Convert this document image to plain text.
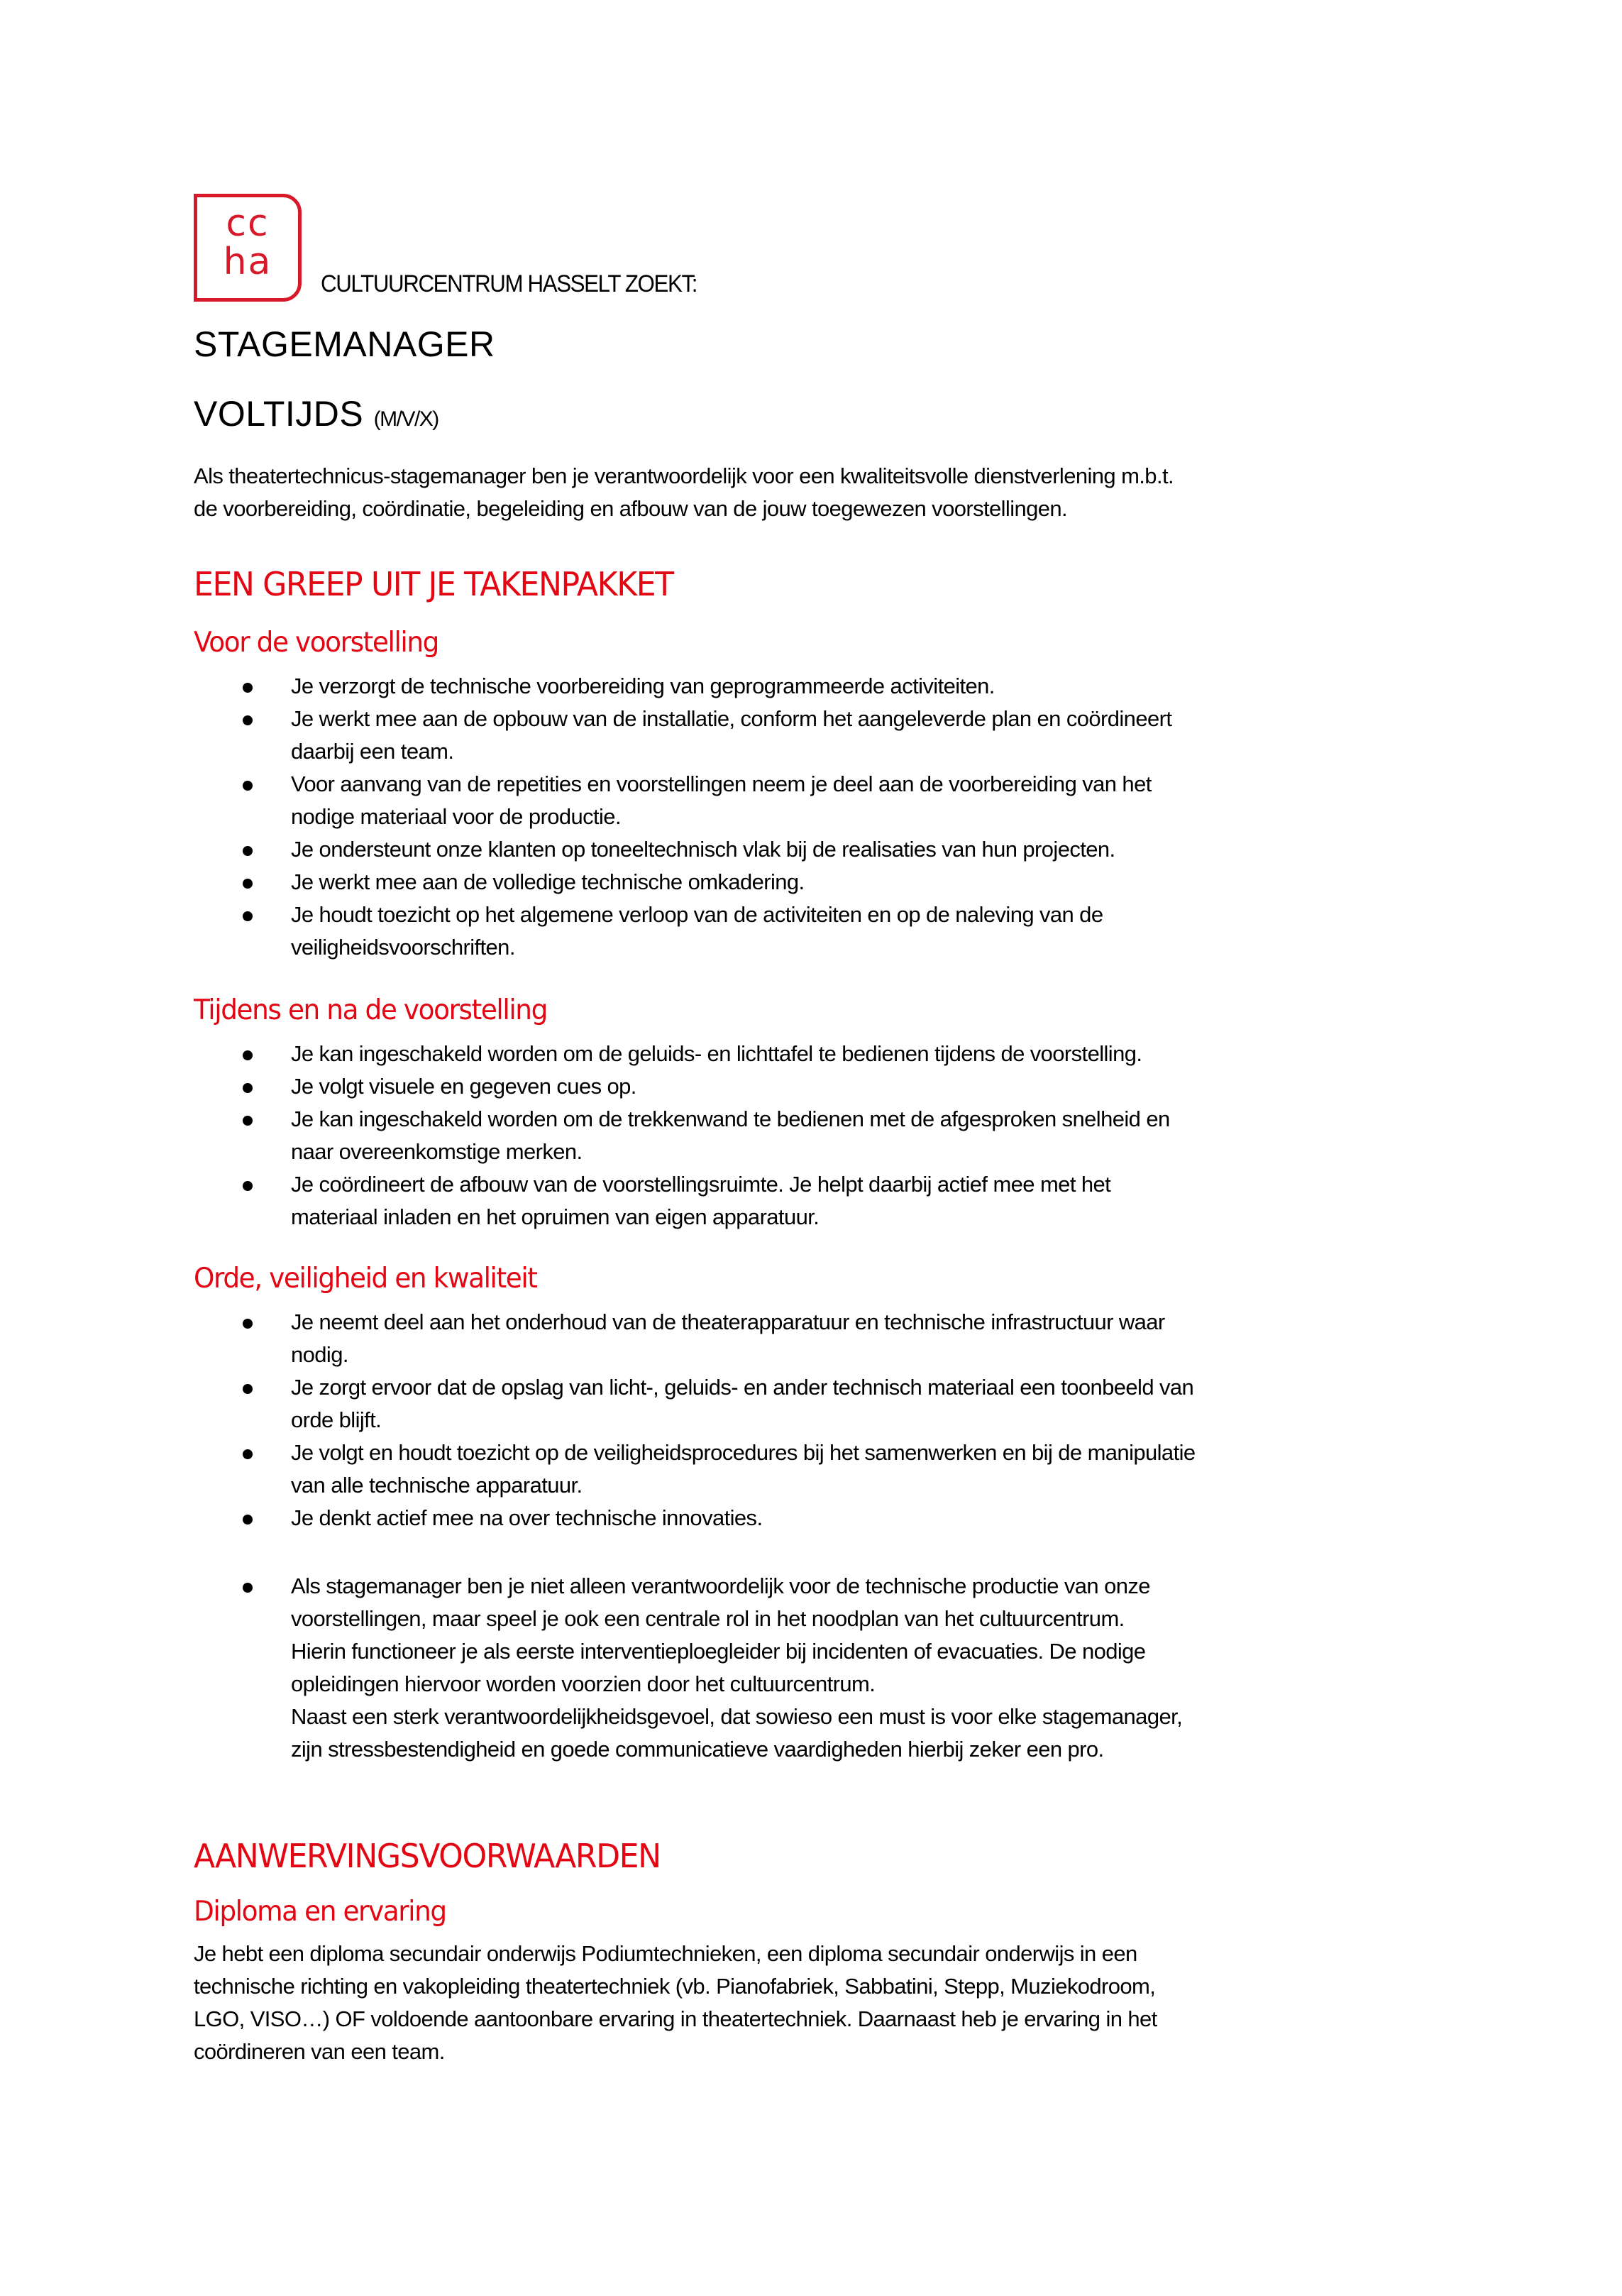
cc
ha
CULTUURCENTRUM HASSELT ZOEKT:
STAGEMANAGER
VOLTIJDS (M/V/X)
Als theatertechnicus-stagemanager ben je verantwoordelijk voor een kwaliteitsvolle dienstverlening m.b.t.
de voorbereiding, coördinatie, begeleiding en afbouw van de jouw toegewezen voorstellingen.
EEN GREEP UIT JE TAKENPAKKET
Voor de voorstelling
Je verzorgt de technische voorbereiding van geprogrammeerde activiteiten.
Je werkt mee aan de opbouw van de installatie, conform het aangeleverde plan en coördineert
daarbij een team.
Voor aanvang van de repetities en voorstellingen neem je deel aan de voorbereiding van het
nodige materiaal voor de productie.
Je ondersteunt onze klanten op toneeltechnisch vlak bij de realisaties van hun projecten.
Je werkt mee aan de volledige technische omkadering.
Je houdt toezicht op het algemene verloop van de activiteiten en op de naleving van de
veiligheidsvoorschriften.
Tijdens en na de voorstelling
Je kan ingeschakeld worden om de geluids- en lichttafel te bedienen tijdens de voorstelling.
Je volgt visuele en gegeven cues op.
Je kan ingeschakeld worden om de trekkenwand te bedienen met de afgesproken snelheid en
naar overeenkomstige merken.
Je coördineert de afbouw van de voorstellingsruimte. Je helpt daarbij actief mee met het
materiaal inladen en het opruimen van eigen apparatuur.
Orde, veiligheid en kwaliteit
Je neemt deel aan het onderhoud van de theaterapparatuur en technische infrastructuur waar
nodig.
Je zorgt ervoor dat de opslag van licht-, geluids- en ander technisch materiaal een toonbeeld van
orde blijft.
Je volgt en houdt toezicht op de veiligheidsprocedures bij het samenwerken en bij de manipulatie
van alle technische apparatuur.
Je denkt actief mee na over technische innovaties.
Als stagemanager ben je niet alleen verantwoordelijk voor de technische productie van onze
voorstellingen, maar speel je ook een centrale rol in het noodplan van het cultuurcentrum.
Hierin functioneer je als eerste interventieploegleider bij incidenten of evacuaties. De nodige
opleidingen hiervoor worden voorzien door het cultuurcentrum.
Naast een sterk verantwoordelijkheidsgevoel, dat sowieso een must is voor elke stagemanager,
zijn stressbestendigheid en goede communicatieve vaardigheden hierbij zeker een pro.
AANWERVINGSVOORWAARDEN
Diploma en ervaring
Je hebt een diploma secundair onderwijs Podiumtechnieken, een diploma secundair onderwijs in een
technische richting en vakopleiding theatertechniek (vb. Pianofabriek, Sabbatini, Stepp, Muziekodroom,
LGO, VISO…) OF voldoende aantoonbare ervaring in theatertechniek. Daarnaast heb je ervaring in het
coördineren van een team.
